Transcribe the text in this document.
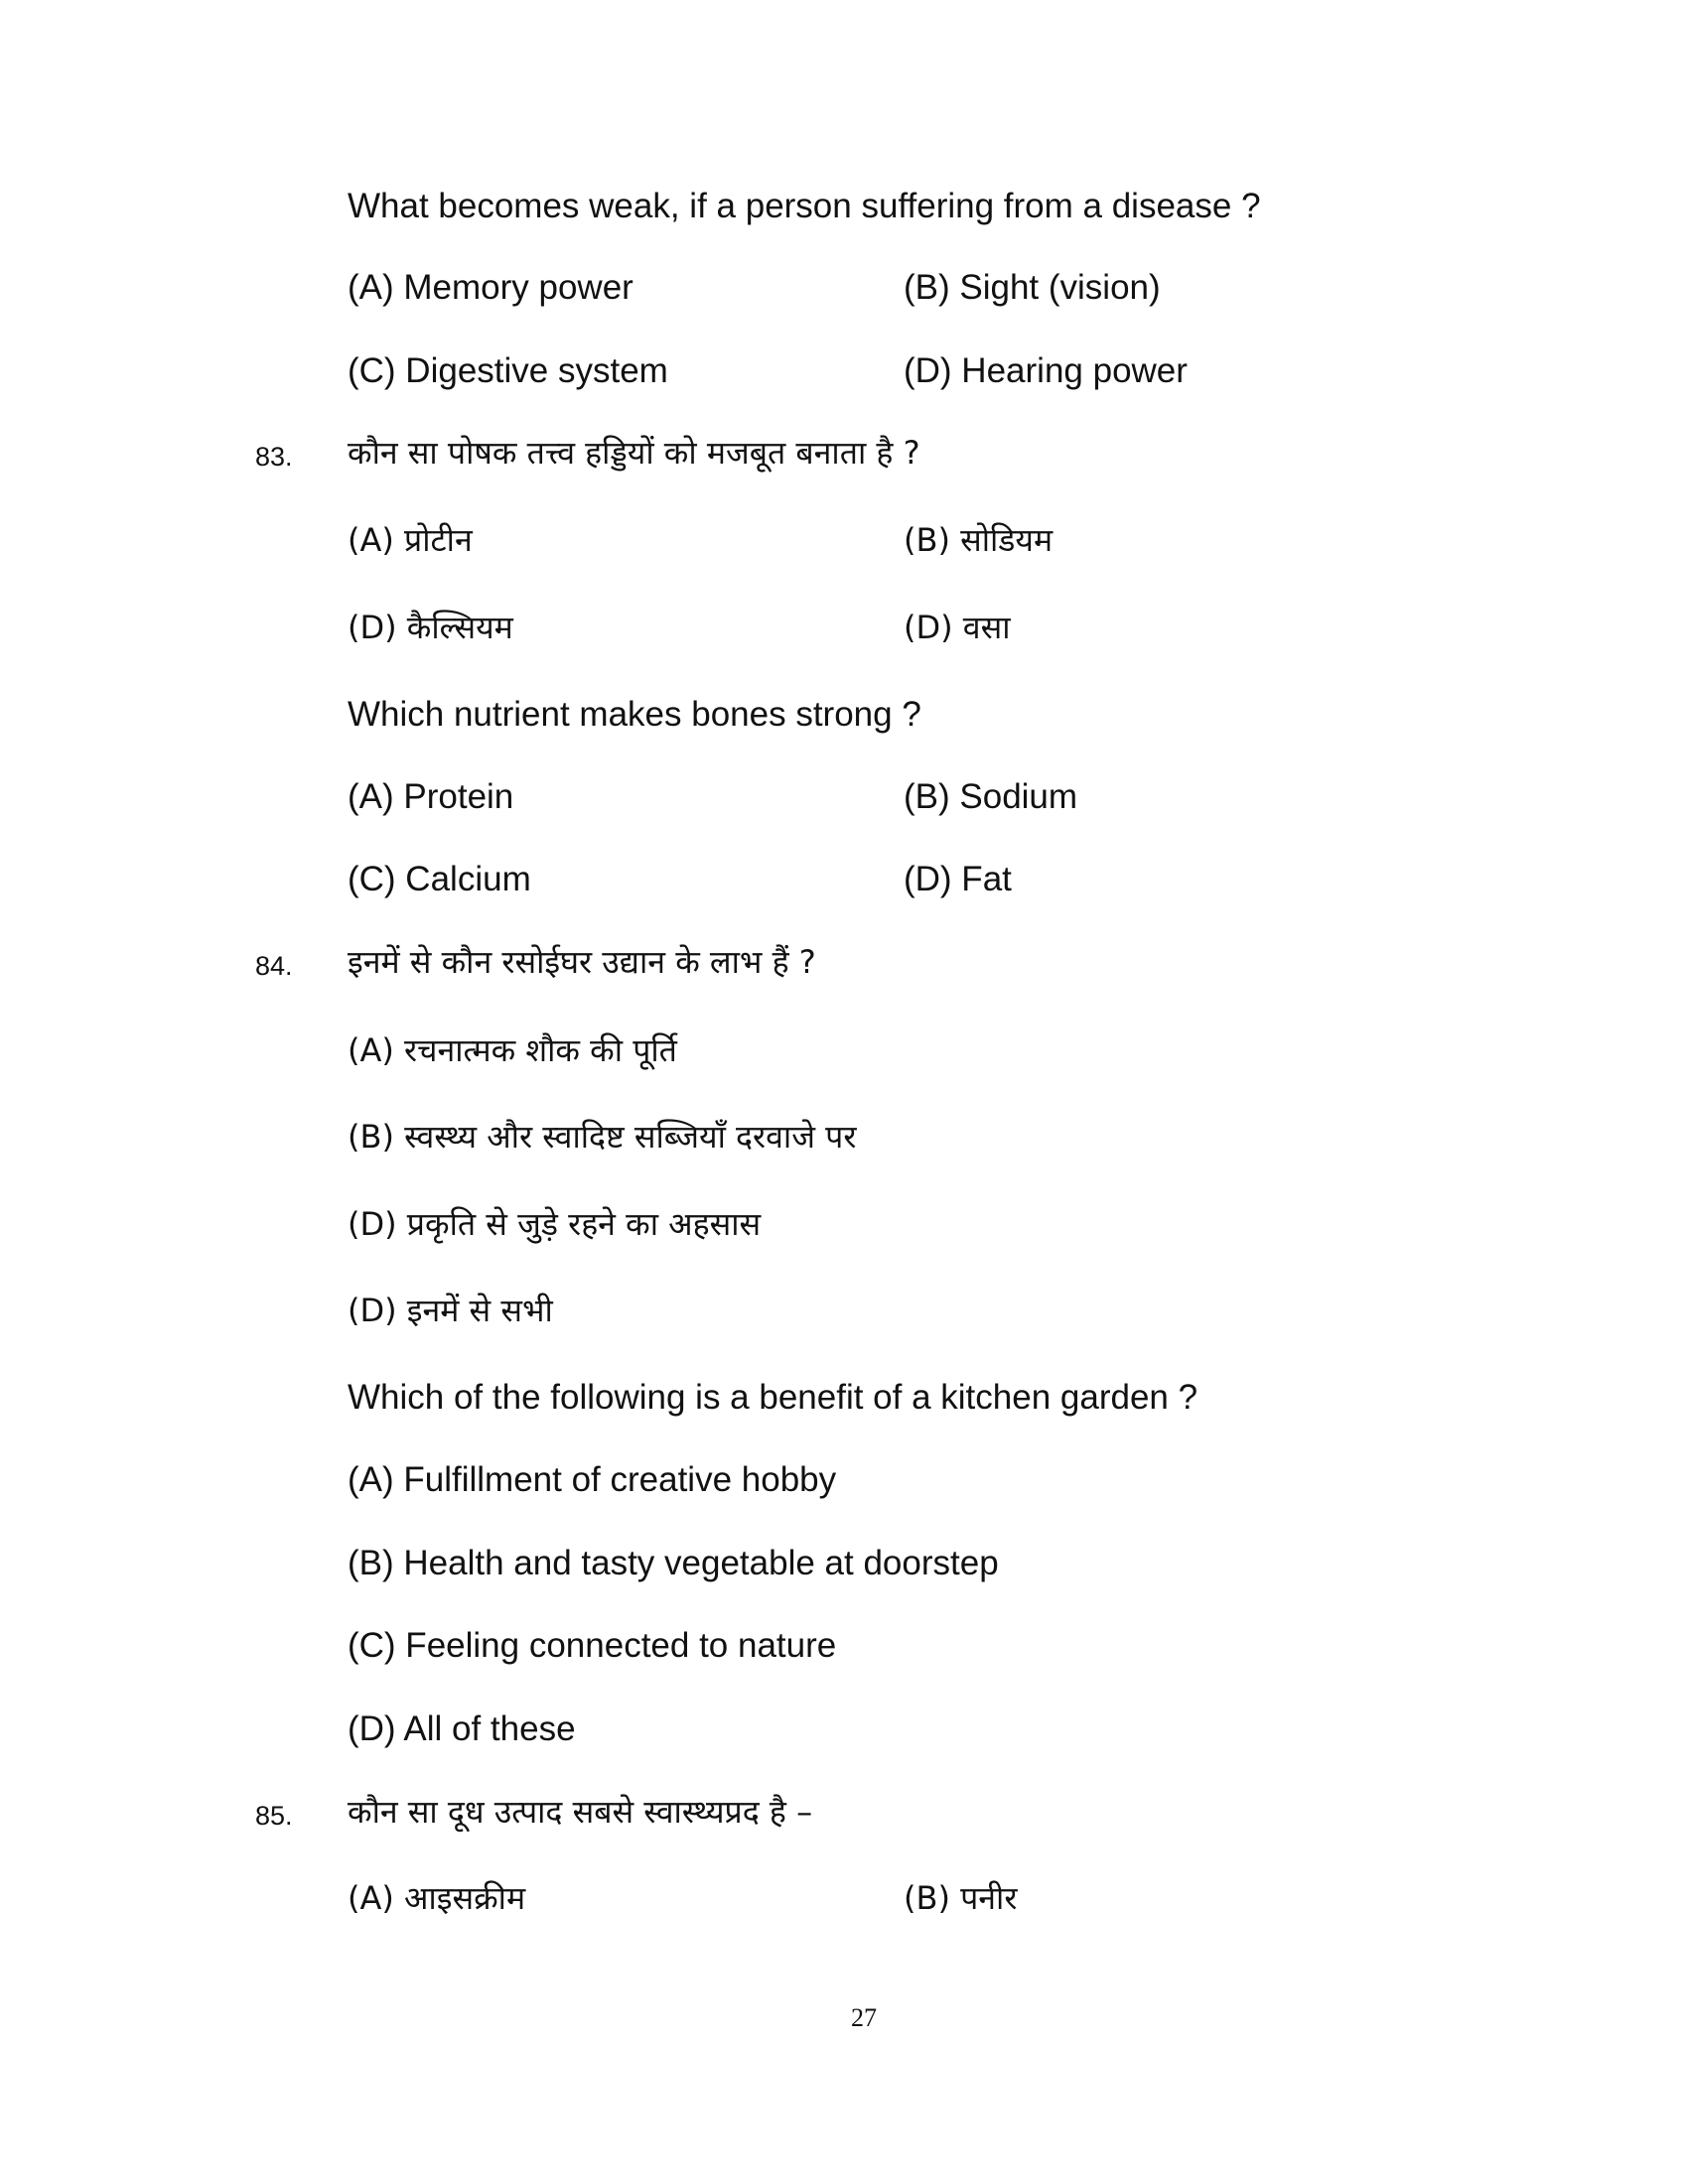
What becomes weak, if a person suffering from a disease ?
(A) Memory power	(B) Sight (vision)
(C) Digestive system	(D) Hearing power
83. कौन सा पोषक तत्त्व हड्डियों को मजबूत बनाता है ?
(A) प्रोटीन	(B) सोडियम
(D) कैल्सियम	(D) वसा
Which nutrient makes bones strong ?
(A) Protein	(B) Sodium
(C) Calcium	(D) Fat
84. इनमें से कौन रसोईघर उद्यान के लाभ हैं ?
(A) रचनात्मक शौक की पूर्ति
(B) स्वस्थ्य और स्वादिष्ट सब्जियाँ दरवाजे पर
(D) प्रकृति से जुड़े रहने का अहसास
(D) इनमें से सभी
Which of the following is a benefit of a kitchen garden ?
(A) Fulfillment of creative hobby
(B) Health and tasty vegetable at doorstep
(C) Feeling connected to nature
(D) All of these
85. कौन सा दूध उत्पाद सबसे स्वास्थ्यप्रद है –
(A) आइसक्रीम	(B) पनीर
27
